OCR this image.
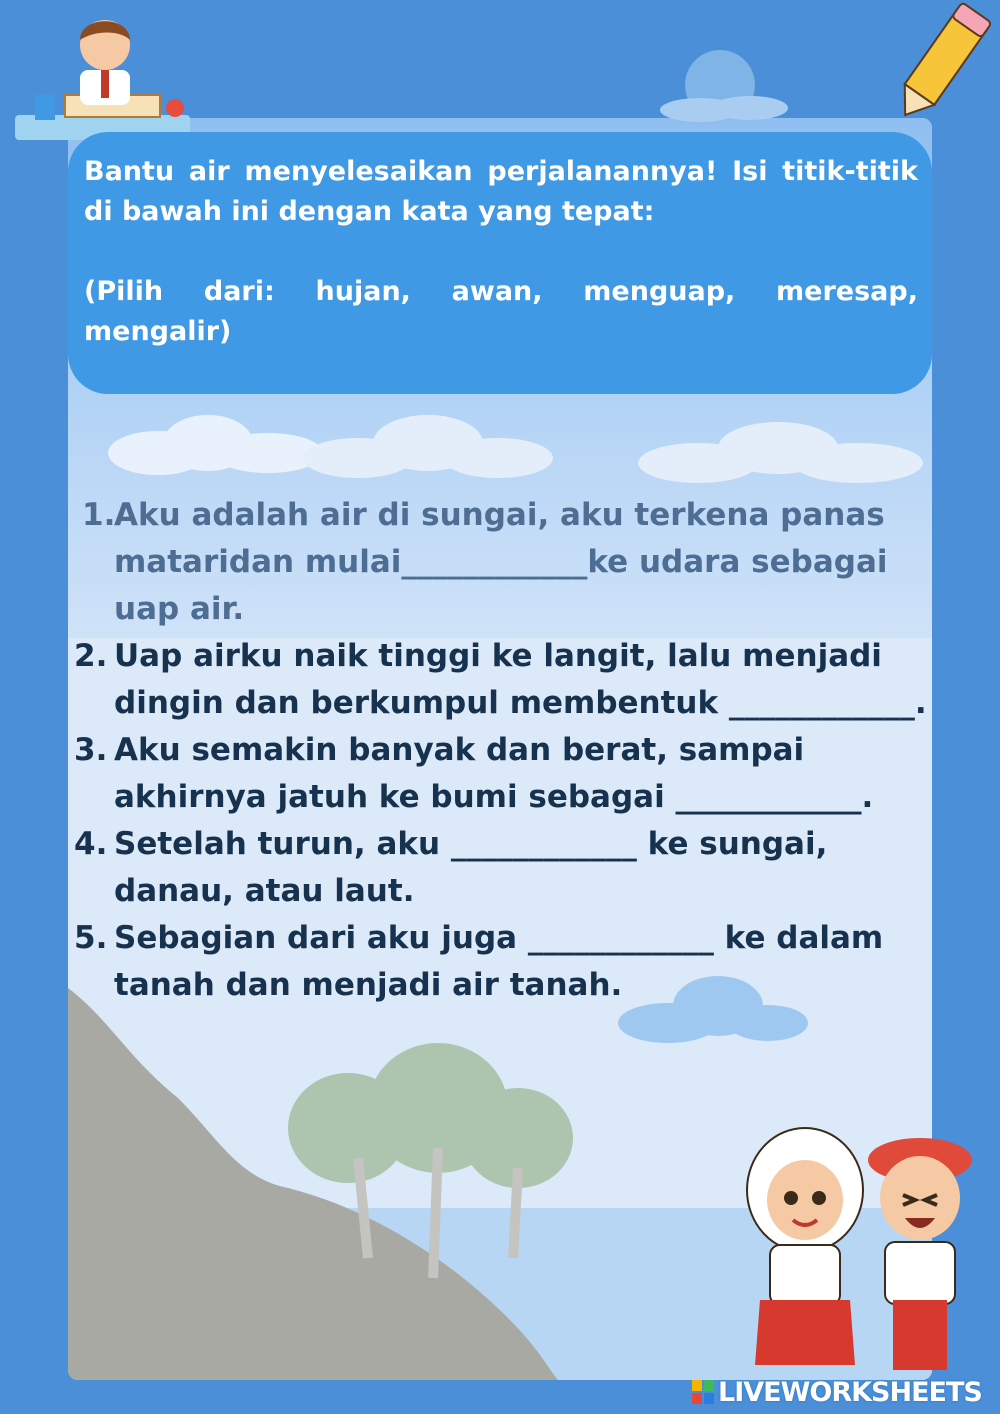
Bantu air menyelesaikan perjalanannya! Isi titik-titik di bawah ini dengan kata yang tepat:

(Pilih dari: hujan, awan, menguap, meresap, mengalir)

1.
Aku adalah air di sungai, aku terkena panas mataridan mulai____________ke udara sebagai uap air.

2. Uap airku naik tinggi ke langit, lalu menjadi dingin dan berkumpul membentuk ____________.

3. Aku semakin banyak dan berat, sampai akhirnya jatuh ke bumi sebagai ____________.

4. Setelah turun, aku ____________ ke sungai, danau, atau laut.

5. Sebagian dari aku juga ____________ ke dalam tanah dan menjadi air tanah.

LIVEWORKSHEETS
